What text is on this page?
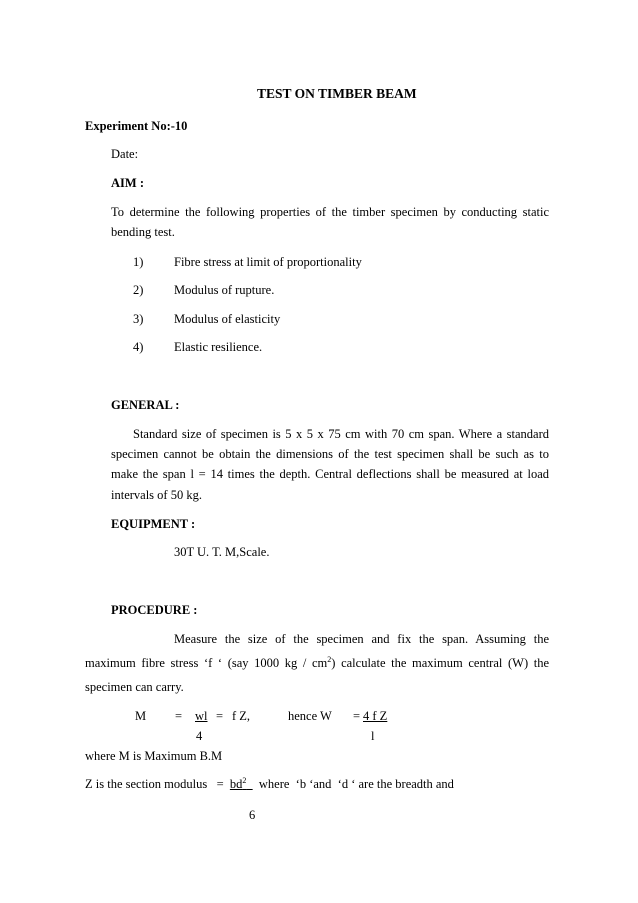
TEST ON TIMBER BEAM
Experiment No:-10
Date:
AIM :
To determine the following properties of the timber specimen by conducting static
bending test.
1) Fibre stress at limit of proportionality
2) Modulus of rupture.
3) Modulus of elasticity
4) Elastic resilience.
GENERAL :
Standard size of specimen is 5 x 5 x 75 cm with 70 cm span. Where a standard
specimen cannot be obtain the dimensions of the test specimen shall be such as to
make the span l = 14 times the depth. Central deflections shall be measured at load
intervals of 50 kg.
EQUIPMENT :
30T U. T. M,Scale.
PROCEDURE :
Measure the size of the specimen and fix the span. Assuming the
maximum fibre stress ‘f ‘ (say 1000 kg / $cm^2$) calculate the maximum central (W) the
specimen can carry.
M = wl = f Z,	hence W = 4 f Z
4	l
where M is Maximum B.M
Z is the section modulus   =  $bd^2$    where  ‘b ‘and  ‘d ‘ are the breadth and
6
